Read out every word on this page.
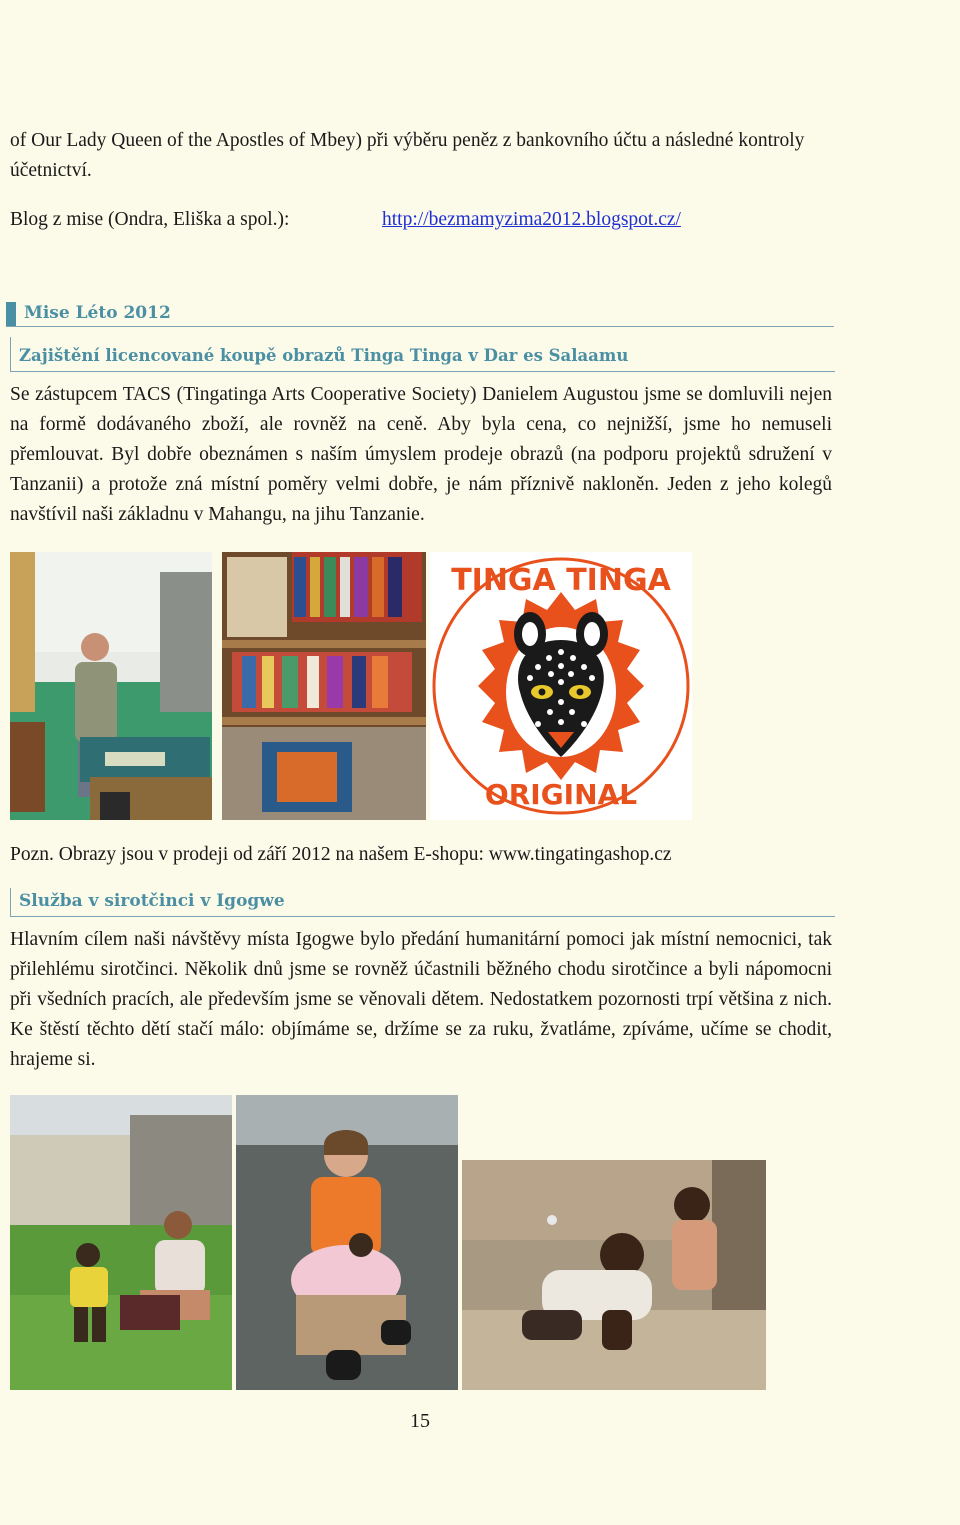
of Our Lady Queen of the Apostles of Mbey) při výběru peněz z bankovního účtu a následné kontroly účetnictví.
Blog z mise (Ondra, Eliška a spol.):	http://bezmamyzima2012.blogspot.cz/
Mise Léto 2012
Zajištění licencované koupě obrazů Tinga Tinga v Dar es Salaamu
Se zástupcem TACS (Tingatinga Arts Cooperative Society) Danielem Augustou jsme se domluvili nejen na formě dodávaného zboží, ale rovněž na ceně. Aby byla cena, co nejnižší, jsme ho nemuseli přemlouvat. Byl dobře obeznámen s naším úmyslem prodeje obrazů (na podporu projektů sdružení v Tanzanii) a protože zná místní poměry velmi dobře, je nám příznivě nakloněn. Jeden z jeho kolegů navštívil naši základnu v Mahangu, na jihu Tanzanie.
TINGA TINGA
ORIGINAL
Pozn. Obrazy jsou v prodeji od září 2012 na našem E-shopu: www.tingatingashop.cz
Služba v sirotčinci v Igogwe
Hlavním cílem naši návštěvy místa Igogwe bylo předání humanitární pomoci jak místní nemocnici, tak přilehlému sirotčinci. Několik dnů jsme se rovněž účastnili běžného chodu sirotčince a byli nápomocni při všedních pracích, ale především jsme se věnovali dětem. Nedostatkem pozornosti trpí většina z nich. Ke štěstí těchto dětí stačí málo: objímáme se, držíme se za ruku, žvatláme, zpíváme, učíme se chodit, hrajeme si.
15
